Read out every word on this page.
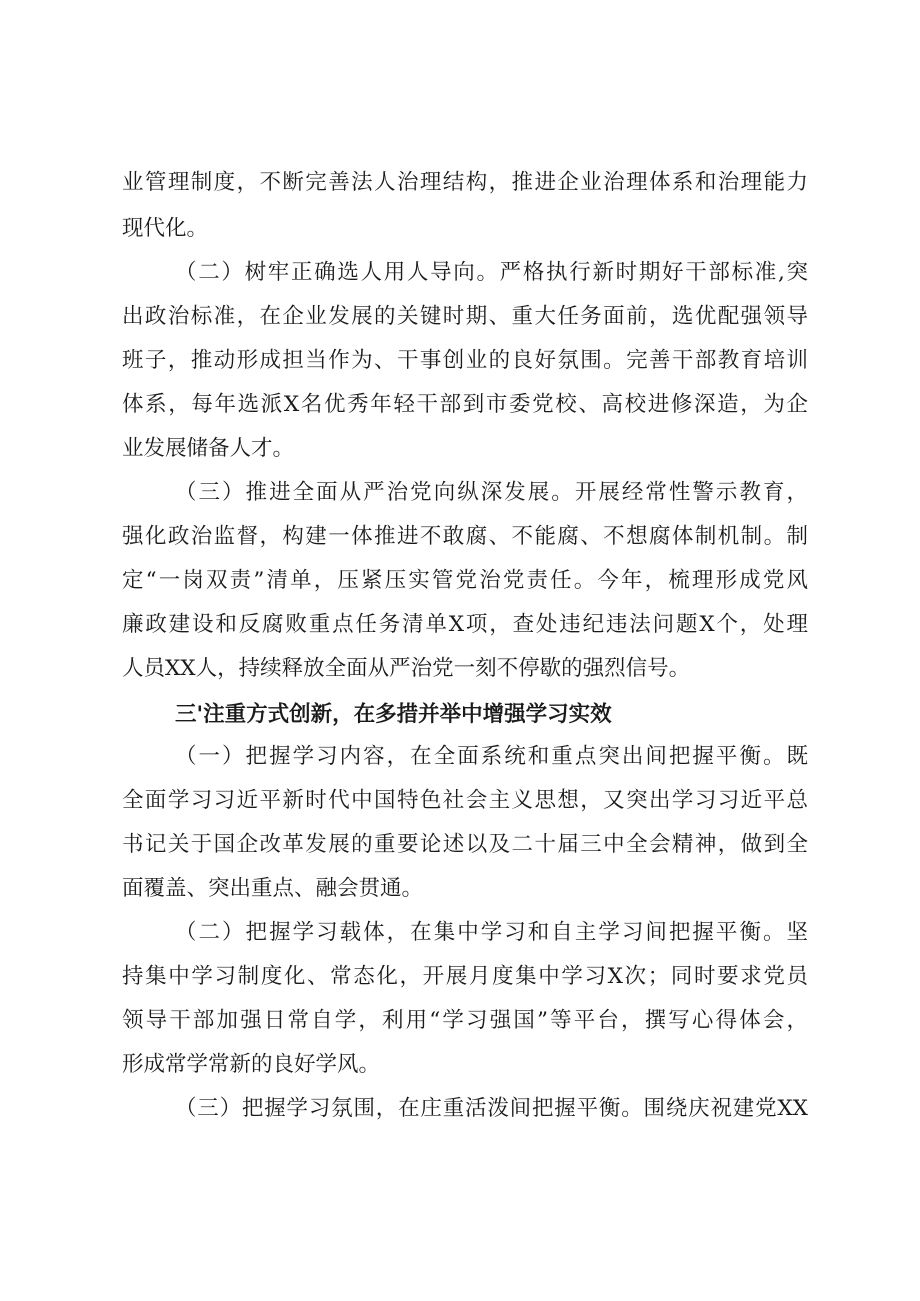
业管理制度，不断完善法人治理结构，推进企业治理体系和治理能力
现代化。
（二）树牢正确选人用人导向。严格执行新时期好干部标准,突
出政治标准，在企业发展的关键时期、重大任务面前，选优配强领导
班子，推动形成担当作为、干事创业的良好氛围。完善干部教育培训
体系，每年选派X名优秀年轻干部到市委党校、高校进修深造，为企
业发展储备人才。
（三）推进全面从严治党向纵深发展。开展经常性警示教育，
强化政治监督，构建一体推进不敢腐、不能腐、不想腐体制机制。制
定“一岗双责”清单，压紧压实管党治党责任。今年，梳理形成党风
廉政建设和反腐败重点任务清单X项，查处违纪违法问题X个，处理
人员XX人，持续释放全面从严治党一刻不停歇的强烈信号。
三'注重方式创新，在多措并举中增强学习实效
（一）把握学习内容，在全面系统和重点突出间把握平衡。既
全面学习习近平新时代中国特色社会主义思想，又突出学习习近平总
书记关于国企改革发展的重要论述以及二十届三中全会精神，做到全
面覆盖、突出重点、融会贯通。
（二）把握学习载体，在集中学习和自主学习间把握平衡。坚
持集中学习制度化、常态化，开展月度集中学习X次；同时要求党员
领导干部加强日常自学，利用“学习强国”等平台，撰写心得体会，
形成常学常新的良好学风。
（三）把握学习氛围，在庄重活泼间把握平衡。围绕庆祝建党XX
